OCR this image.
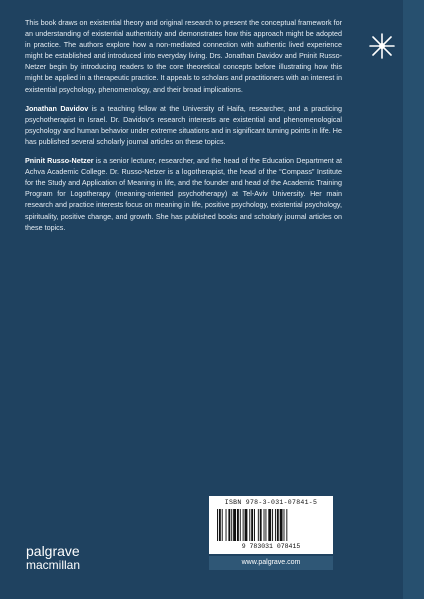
This book draws on existential theory and original research to present the conceptual framework for an understanding of existential authenticity and demonstrates how this approach might be adopted in practice. The authors explore how a non-mediated connection with authentic lived experience might be established and introduced into everyday living. Drs. Jonathan Davidov and Pninit Russo-Netzer begin by introducing readers to the core theoretical concepts before illustrating how this might be applied in a therapeutic practice. It appeals to scholars and practitioners with an interest in existential psychology, phenomenology, and their broad implications.

Jonathan Davidov is a teaching fellow at the University of Haifa, researcher, and a practicing psychotherapist in Israel. Dr. Davidov’s research interests are existential and phenomenological psychology and human behavior under extreme situations and in significant turning points in life. He has published several scholarly journal articles on these topics.

Pninit Russo-Netzer is a senior lecturer, researcher, and the head of the Education Department at Achva Academic College. Dr. Russo-Netzer is a logotherapist, the head of the “Compass” Institute for the Study and Application of Meaning in life, and the founder and head of the Academic Training Program for Logotherapy (meaning-oriented psychotherapy) at Tel-Aviv University. Her main research and practice interests focus on meaning in life, positive psychology, existential psychology, spirituality, positive change, and growth. She has published books and scholarly journal articles on these topics.

ISBN 978-3-031-07841-5
9 783031 078415
www.palgrave.com
palgrave
macmillan
